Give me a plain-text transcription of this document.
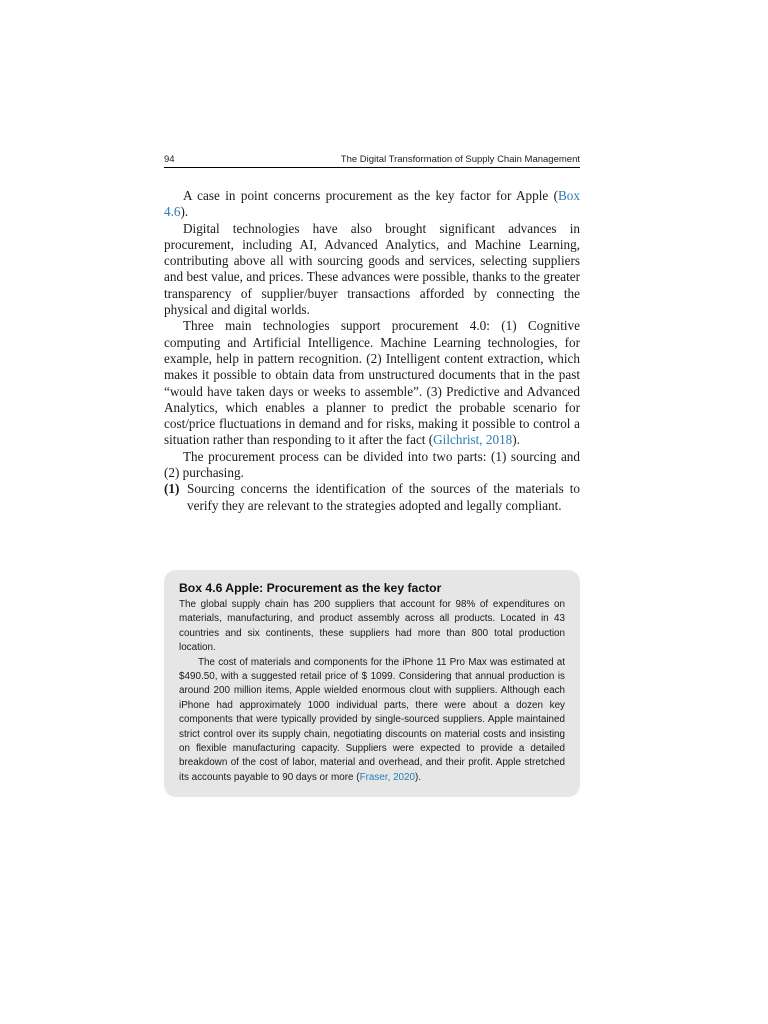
94	The Digital Transformation of Supply Chain Management

A case in point concerns procurement as the key factor for Apple (Box 4.6).

Digital technologies have also brought significant advances in procurement, including AI, Advanced Analytics, and Machine Learning, contributing above all with sourcing goods and services, selecting suppliers and best value, and prices. These advances were possible, thanks to the greater transparency of supplier/buyer transactions afforded by connecting the physical and digital worlds.

Three main technologies support procurement 4.0: (1) Cognitive computing and Artificial Intelligence. Machine Learning technologies, for example, help in pattern recognition. (2) Intelligent content extraction, which makes it possible to obtain data from unstructured documents that in the past “would have taken days or weeks to assemble”. (3) Predictive and Advanced Analytics, which enables a planner to predict the probable scenario for cost/price fluctuations in demand and for risks, making it possible to control a situation rather than responding to it after the fact (Gilchrist, 2018).

The procurement process can be divided into two parts: (1) sourcing and (2) purchasing.

(1) Sourcing concerns the identification of the sources of the materials to verify they are relevant to the strategies adopted and legally compliant.
Box 4.6 Apple: Procurement as the key factor

The global supply chain has 200 suppliers that account for 98% of expenditures on materials, manufacturing, and product assembly across all products. Located in 43 countries and six continents, these suppliers had more than 800 total production location.

The cost of materials and components for the iPhone 11 Pro Max was estimated at $490.50, with a suggested retail price of $ 1099. Considering that annual production is around 200 million items, Apple wielded enormous clout with suppliers. Although each iPhone had approximately 1000 individual parts, there were about a dozen key components that were typically provided by single-sourced suppliers. Apple maintained strict control over its supply chain, negotiating discounts on material costs and insisting on flexible manufacturing capacity. Suppliers were expected to provide a detailed breakdown of the cost of labor, material and overhead, and their profit. Apple stretched its accounts payable to 90 days or more (Fraser, 2020).
